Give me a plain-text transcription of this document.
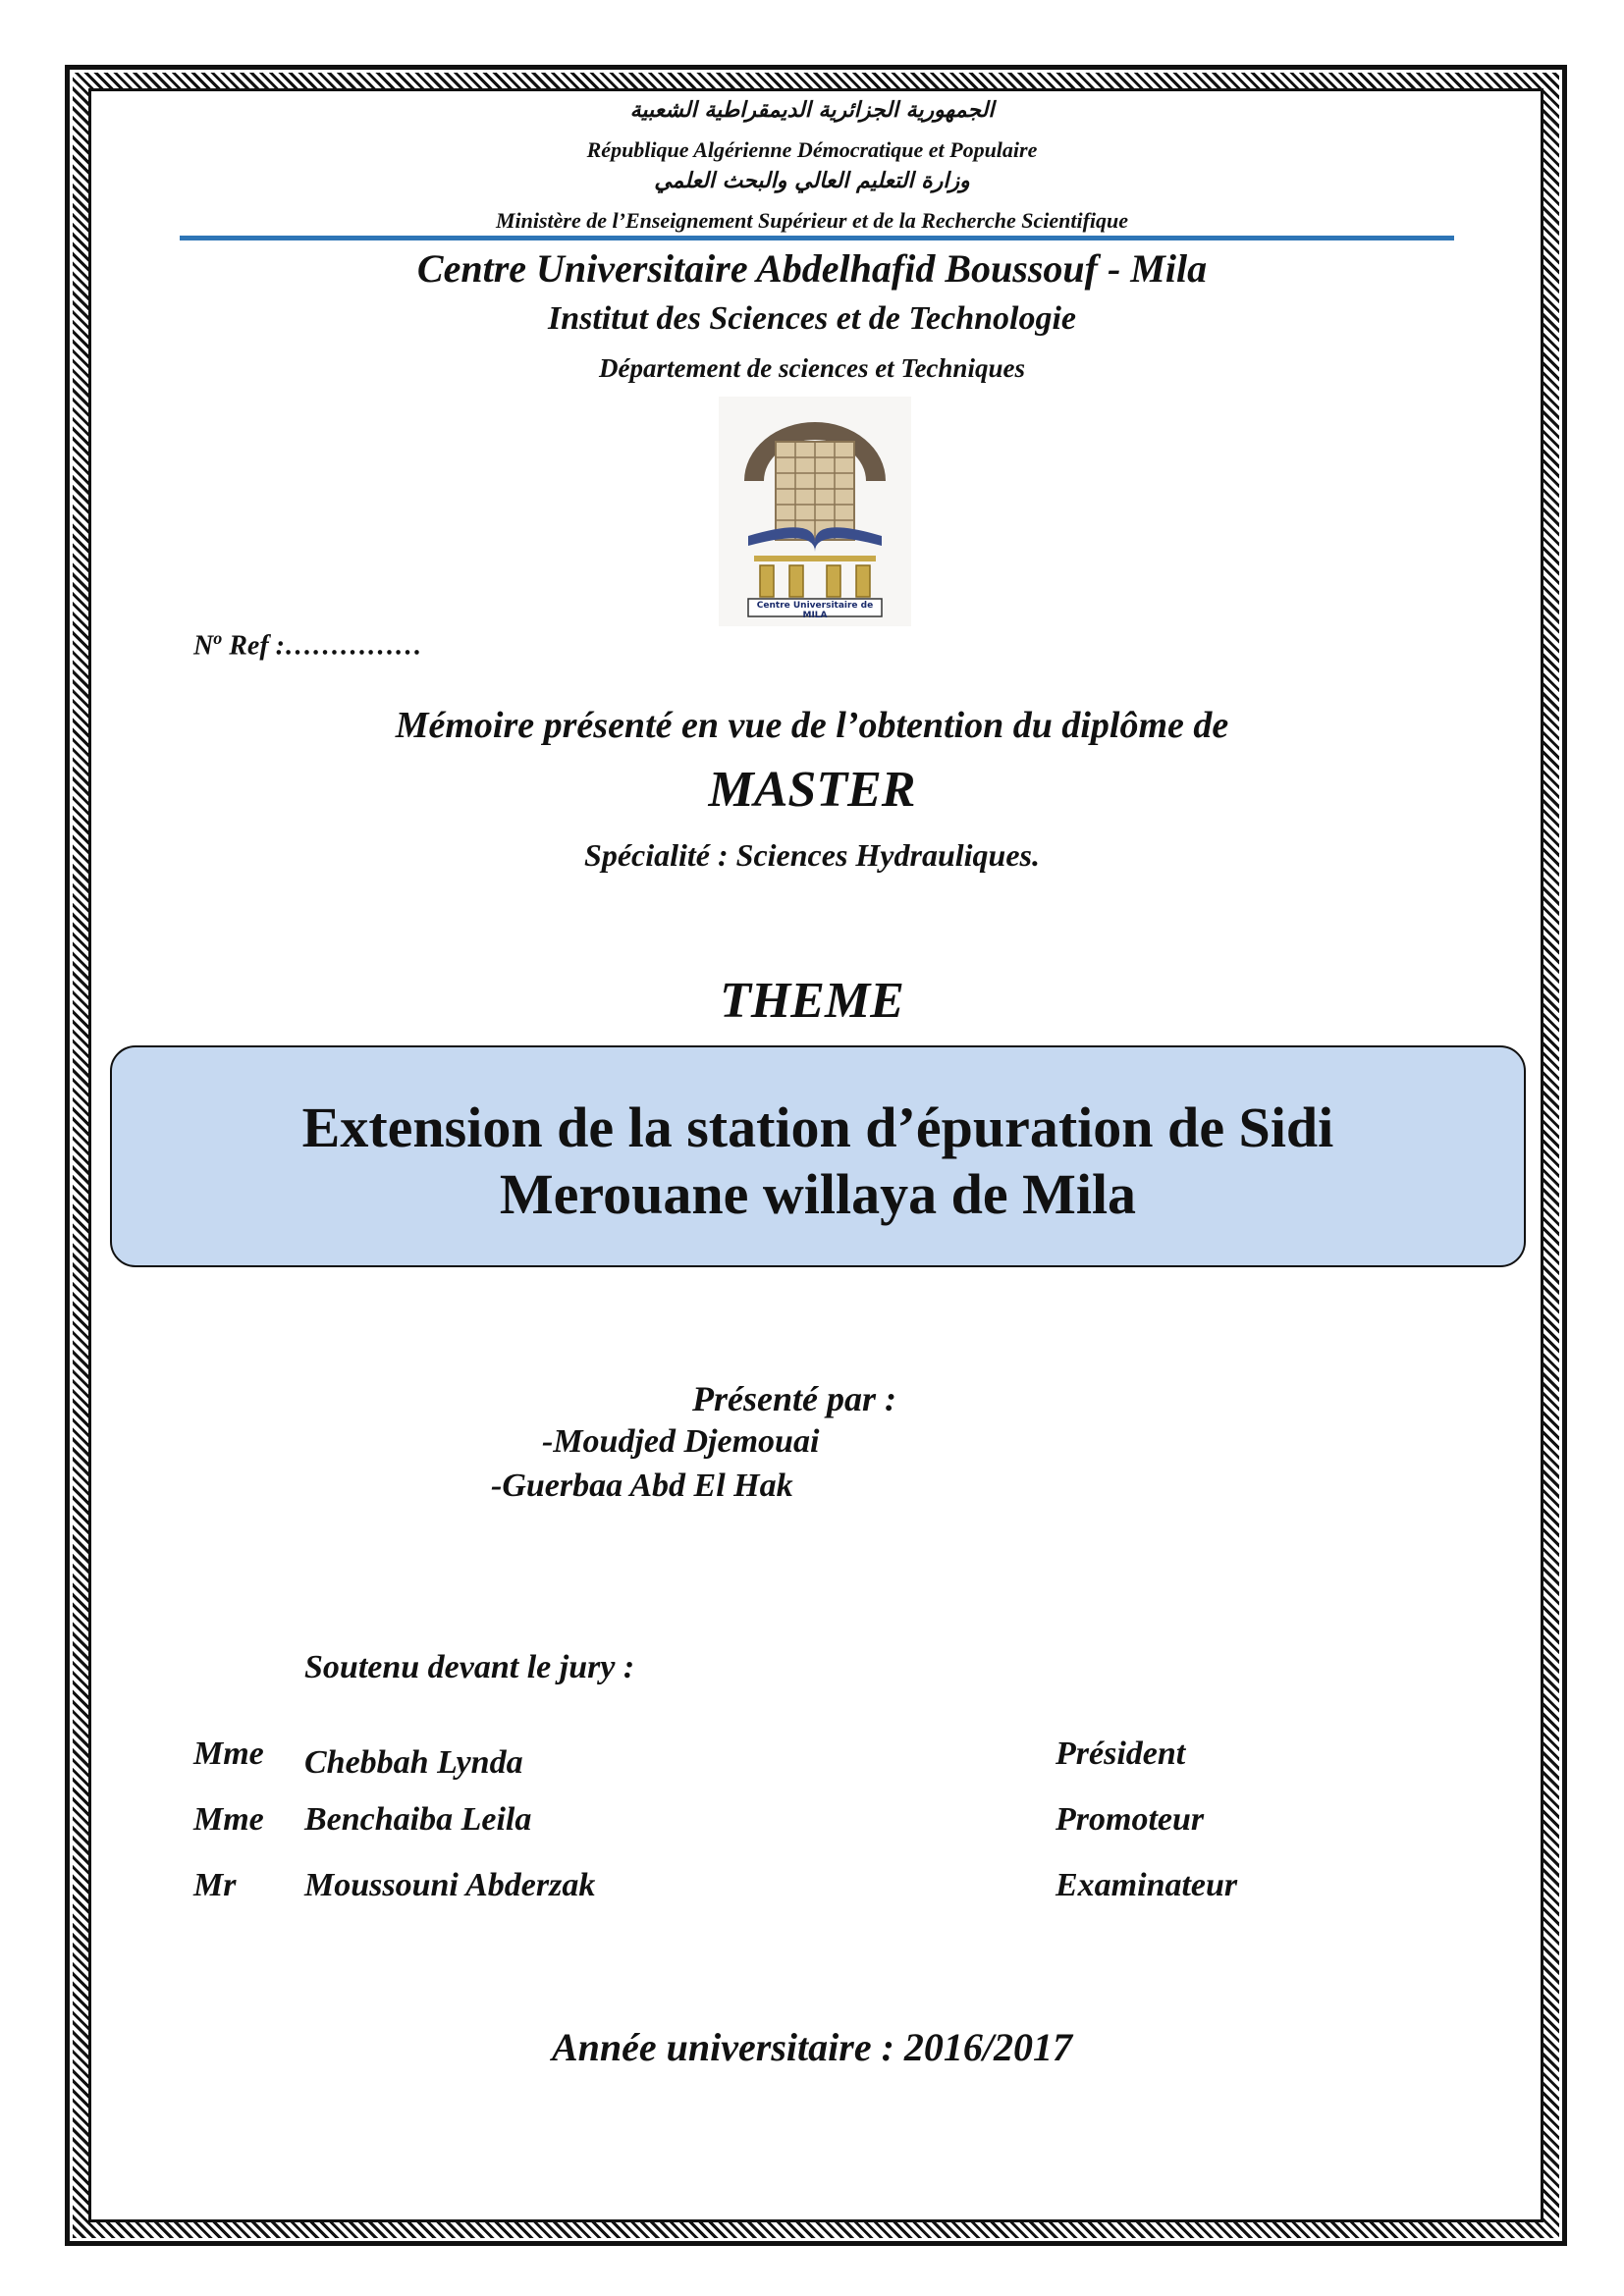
الجمهورية الجزائرية الديمقراطية الشعبية
République Algérienne Démocratique et Populaire
وزارة التعليم العالي والبحث العلمي
Ministère de l’Enseignement Supérieur et de la Recherche Scientifique
Centre Universitaire Abdelhafid Boussouf - Mila
Institut des Sciences et de Technologie
Département de sciences et Techniques
Centre Universitaire de MILA
$N^o$ Ref :……………
Mémoire présenté en vue de l’obtention du diplôme de
MASTER
Spécialité : Sciences Hydrauliques.
THEME
Extension de la station d’épuration de Sidi
Merouane willaya de Mila
Présenté par :
-Moudjed Djemouai
-Guerbaa Abd El Hak
Soutenu devant le jury :
Mme Chebbah Lynda	Président
Mme Benchaiba Leila	Promoteur
Mr Moussouni Abderzak	Examinateur
Année universitaire : 2016/2017
